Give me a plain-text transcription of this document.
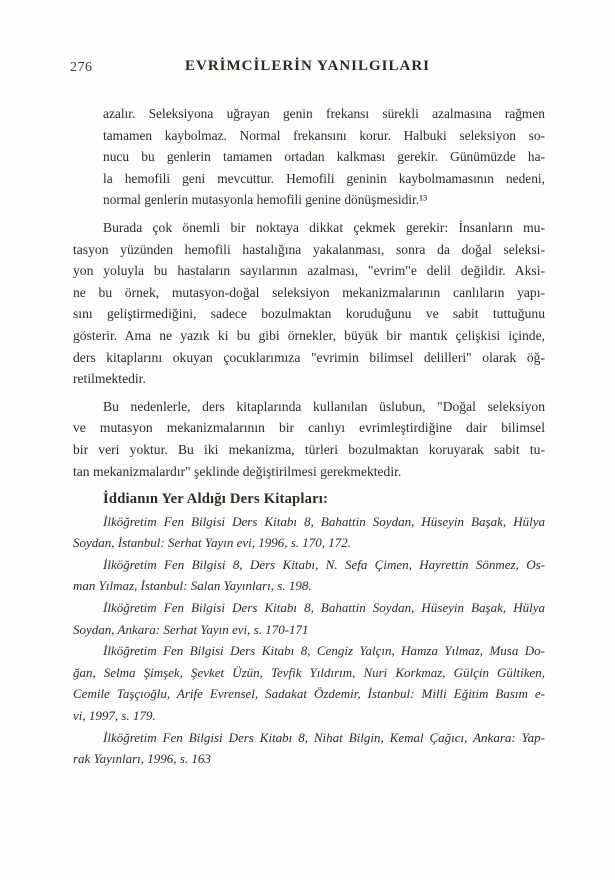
276	EVRİMCİLERİN YANILGILARI
azalır. Seleksiyona uğrayan genin frekansı sürekli azalmasına rağmen
tamamen kaybolmaz. Normal frekansını korur. Halbuki seleksiyon so-
nucu bu genlerin tamamen ortadan kalkması gerekir. Günümüzde ha-
la hemofili geni mevcuttur. Hemofili geninin kaybolmamasının nedeni,
normal genlerin mutasyonla hemofili genine dönüşmesidir.¹³
Burada çok önemli bir noktaya dikkat çekmek gerekir: İnsanların mu-
tasyon yüzünden hemofili hastalığına yakalanması, sonra da doğal seleksi-
yon yoluyla bu hastaların sayılarının azalması, "evrim"e delil değildir. Aksi-
ne bu örnek, mutasyon-doğal seleksiyon mekanizmalarının canlıların yapı-
sını geliştirmediğini, sadece bozulmaktan koruduğunu ve sabit tuttuğunu
gösterir. Ama ne yazık ki bu gibi örnekler, büyük bir mantık çelişkisi içinde,
ders kitaplarını okuyan çocuklarımıza "evrimin bilimsel delilleri" olarak öğ-
retilmektedir.
Bu nedenlerle, ders kitaplarında kullanılan üslubun, "Doğal seleksiyon
ve mutasyon mekanizmalarının bir canlıyı evrimleştirdiğine dair bilimsel
bir veri yoktur. Bu iki mekanizma, türleri bozulmaktan koruyarak sabit tu-
tan mekanizmalardır" şeklinde değiştirilmesi gerekmektedir.
İddianın Yer Aldığı Ders Kitapları:
İlköğretim Fen Bilgisi Ders Kitabı 8, Bahattin Soydan, Hüseyin Başak, Hülya
Soydan, İstanbul: Serhat Yayın evi, 1996, s. 170, 172.
İlköğretim Fen Bilgisi 8, Ders Kitabı, N. Sefa Çimen, Hayrettin Sönmez, Os-
man Yılmaz, İstanbul: Salan Yayınları, s. 198.
İlköğretim Fen Bilgisi Ders Kitabı 8, Bahattin Soydan, Hüseyin Başak, Hülya
Soydan, Ankara: Serhat Yayın evi, s. 170-171
İlköğretim Fen Bilgisi Ders Kitabı 8, Cengiz Yalçın, Hamza Yılmaz, Musa Do-
ğan, Selma Şimşek, Şevket Üzün, Tevfik Yıldırım, Nuri Korkmaz, Gülçin Gültiken,
Cemile Taşçıoğlu, Arife Evrensel, Sadakat Özdemir, İstanbul: Milli Eğitim Basım e-
vi, 1997, s. 179.
İlköğretim Fen Bilgisi Ders Kitabı 8, Nihat Bilgin, Kemal Çağıcı, Ankara: Yap-
rak Yayınları, 1996, s. 163
